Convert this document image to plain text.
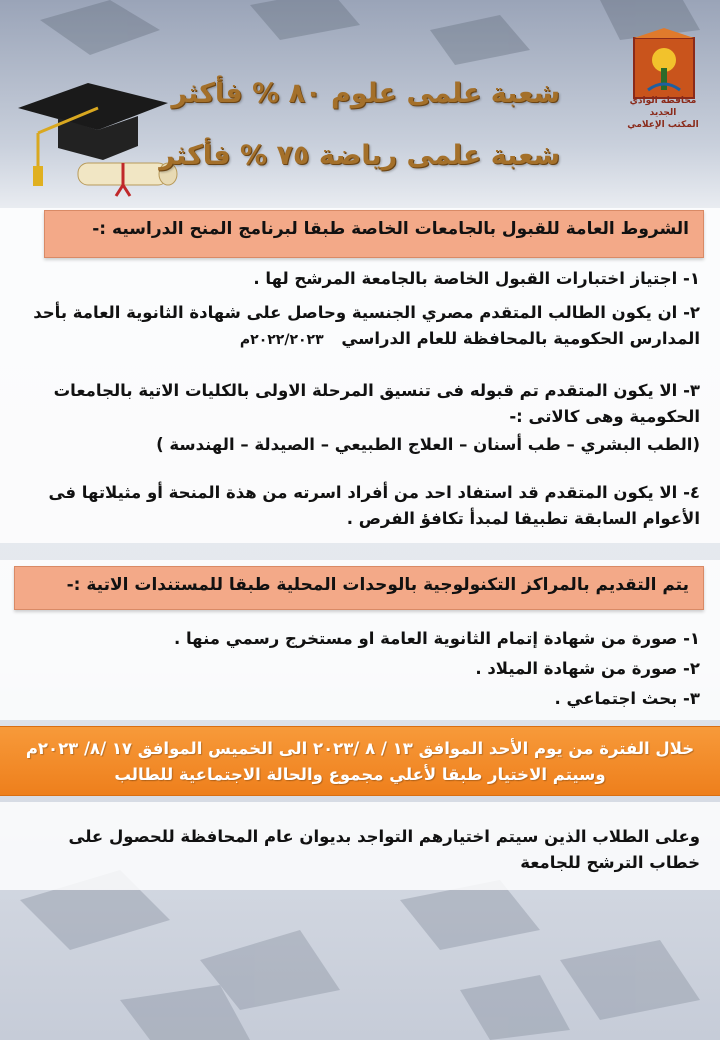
شعبة علمى علوم ٨٠ % فأكثر
شعبة علمى رياضة ٧٥ % فأكثر
محافظة الوادي الجديد
المكتب الإعلامي
الشروط العامة للقبول بالجامعات الخاصة طبقا لبرنامج المنح الدراسيه :-
١- اجتياز اختبارات القبول الخاصة بالجامعة المرشح لها .
٢- ان يكون الطالب المتقدم مصري الجنسية وحاصل على شهادة الثانوية العامة بأحد المدارس الحكومية بالمحافظة للعام الدراسي ٢٠٢٢/٢٠٢٣م
٣- الا يكون المتقدم تم قبوله فى تنسيق المرحلة الاولى بالكليات الاتية بالجامعات الحكومية وهى كالاتى :-
(الطب البشري – طب أسنان – العلاج الطبيعي – الصيدلة – الهندسة )
٤- الا يكون المتقدم قد استفاد احد من أفراد اسرته من هذة المنحة أو مثيلاتها فى الأعوام السابقة تطبيقا لمبدأ تكافؤ الفرص .
يتم التقديم بالمراكز التكنولوجية بالوحدات المحلية طبقا للمستندات الاتية :-
١- صورة من شهادة إتمام الثانوية العامة او مستخرج رسمي منها .
٢- صورة من شهادة الميلاد .
٣- بحث اجتماعي .
خلال الفترة من يوم الأحد الموافق ١٣ / ٨ /٢٠٢٣ الى الخميس الموافق ١٧ /٨/ ٢٠٢٣م
وسيتم الاختيار طبقا لأعلي مجموع والحالة الاجتماعية للطالب
وعلى الطلاب الذين سيتم اختيارهم التواجد بديوان عام المحافظة للحصول على خطاب الترشح للجامعة
